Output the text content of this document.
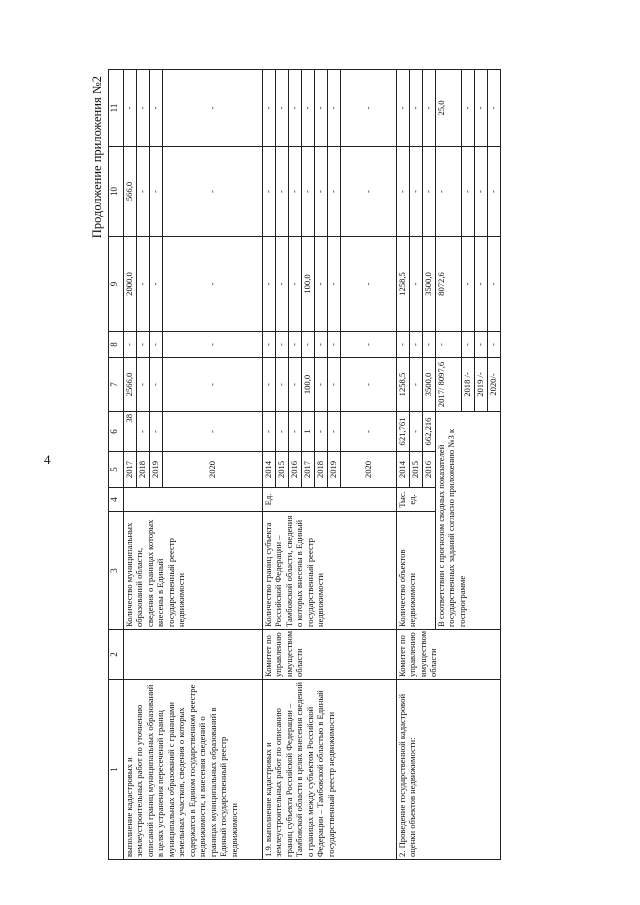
4
Продолжение приложения №2
1	2	3	4	5	6	7	8	9	10	11
выполнение кадастровых и землеустроительных работ по уточнению описаний границ муниципальных образований в целях устранения пересечений границ муниципальных образований с границами земельных участков, сведения о которых содержатся в Едином государственном реестре недвижимости, и внесения сведений о границах муниципальных образований в Единый государственный реестр недвижимости		Количество муниципальных образований области, сведения о границах которых внесены в Единый государственный реестр недвижимости		2017	38	2566,0	-	2000,0	566,0	-
				2018	-	-	-	-	-	-
				2019	-	-	-	-	-	-
				2020	-	-	-	-	-	-
1.9. выполнение кадастровых и землеустроительных работ по описанию границ субъекта Российской Федерации – Тамбовской области в целях внесения сведений о границах между субъектом Российской Федерации – Тамбовской областью в Единый государственный реестр недвижимости	Комитет по управлению имуществом области	Количество границ субъекта Российской Федерации – Тамбовской области, сведения о которых внесены в Единый государственный реестр недвижимости	Ед.	2014	-	-	-	-	-	-
				2015	-	-	-	-	-	-
				2016	-	-	-	-	-	-
				2017	1	100,0	-	100,0	-	-
				2018	-	-	-	-	-	-
				2019	-	-	-	-	-	-
				2020	-	-	-	-	-	-
2. Проведение государственной кадастровой оценки объектов недвижимости:	Комитет по управлению имуществом области	Количество объектов недвижимости	Тыс. ед.	2014	621,761	1258,5	-	1258,5	-	-
				2015	-	-	-	-	-	-
				2016	662,216	3500,0	-	3500,0	-	-
		В соответствии с прогнозом сводных показателей государственных заданий согласно приложению №3 к госпрограмме				2017/ 8097,6	-	8072,6	-	25,0
						2018 /-	-	-	-	-
						2019 /-	-	-	-	-
						2020/-	-	-	-	-
